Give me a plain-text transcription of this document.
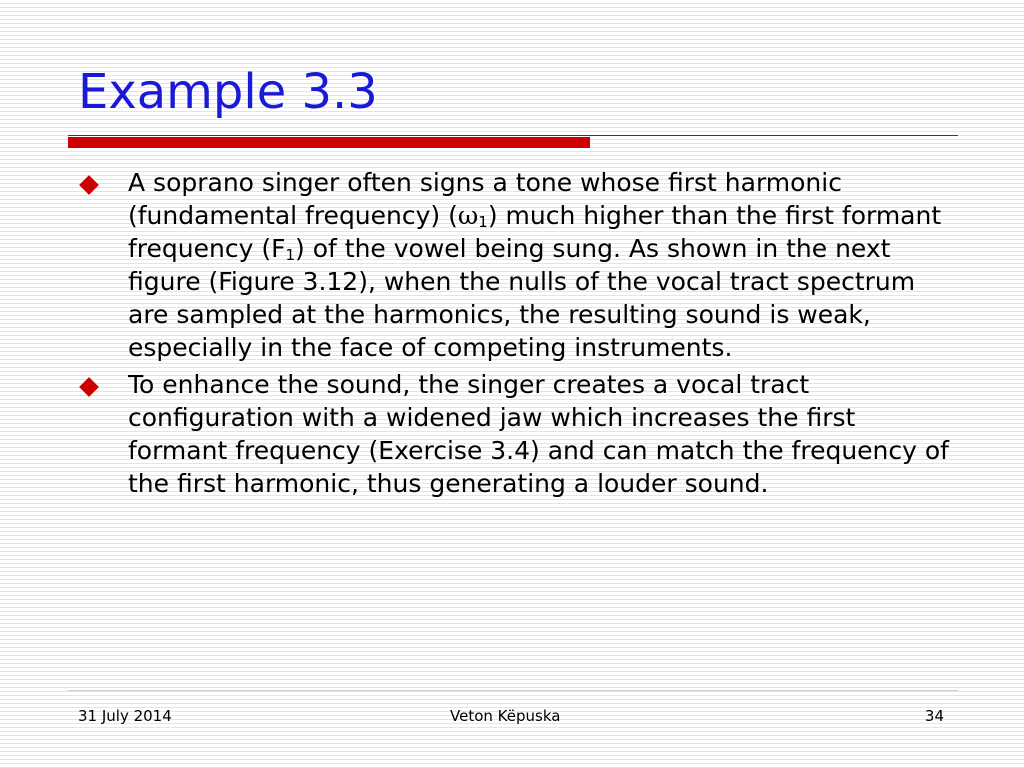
Example 3.3
A soprano singer often signs a tone whose first harmonic (fundamental frequency) $(\omega_1)$ much higher than the first formant frequency $(F_1)$ of the vowel being sung. As shown in the next figure (Figure 3.12), when the nulls of the vocal tract spectrum are sampled at the harmonics, the resulting sound is weak, especially in the face of competing instruments.
To enhance the sound, the singer creates a vocal tract configuration with a widened jaw which increases the first formant frequency (Exercise 3.4) and can match the frequency of the first harmonic, thus generating a louder sound.
31 July 2014	Veton Këpuska	34
